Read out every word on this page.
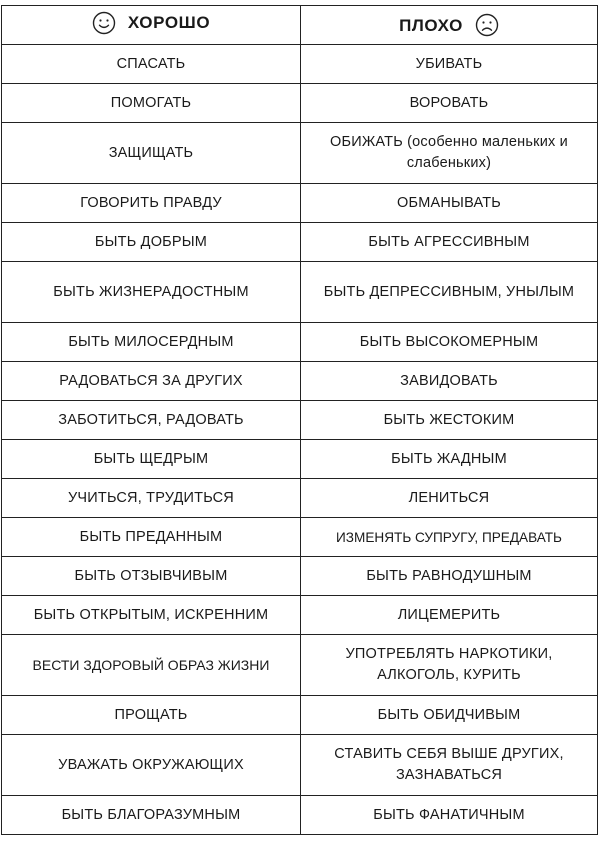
ХОРОШО	ПЛОХО

СПАСАТЬ	УБИВАТЬ
ПОМОГАТЬ	ВОРОВАТЬ
ЗАЩИЩАТЬ	ОБИЖАТЬ (особенно маленьких и слабеньких)
ГОВОРИТЬ ПРАВДУ	ОБМАНЫВАТЬ
БЫТЬ ДОБРЫМ	БЫТЬ АГРЕССИВНЫМ
БЫТЬ ЖИЗНЕРАДОСТНЫМ	БЫТЬ ДЕПРЕССИВНЫМ, УНЫЛЫМ
БЫТЬ МИЛОСЕРДНЫМ	БЫТЬ ВЫСОКОМЕРНЫМ
РАДОВАТЬСЯ ЗА ДРУГИХ	ЗАВИДОВАТЬ
ЗАБОТИТЬСЯ, РАДОВАТЬ	БЫТЬ ЖЕСТОКИМ
БЫТЬ ЩЕДРЫМ	БЫТЬ ЖАДНЫМ
УЧИТЬСЯ, ТРУДИТЬСЯ	ЛЕНИТЬСЯ
БЫТЬ ПРЕДАННЫМ	ИЗМЕНЯТЬ СУПРУГУ, ПРЕДАВАТЬ
БЫТЬ ОТЗЫВЧИВЫМ	БЫТЬ РАВНОДУШНЫМ
БЫТЬ ОТКРЫТЫМ, ИСКРЕННИМ	ЛИЦЕМЕРИТЬ
ВЕСТИ ЗДОРОВЫЙ ОБРАЗ ЖИЗНИ	УПОТРЕБЛЯТЬ НАРКОТИКИ, АЛКОГОЛЬ, КУРИТЬ
ПРОЩАТЬ	БЫТЬ ОБИДЧИВЫМ
УВАЖАТЬ ОКРУЖАЮЩИХ	СТАВИТЬ СЕБЯ ВЫШЕ ДРУГИХ, ЗАЗНАВАТЬСЯ
БЫТЬ БЛАГОРАЗУМНЫМ	БЫТЬ ФАНАТИЧНЫМ
